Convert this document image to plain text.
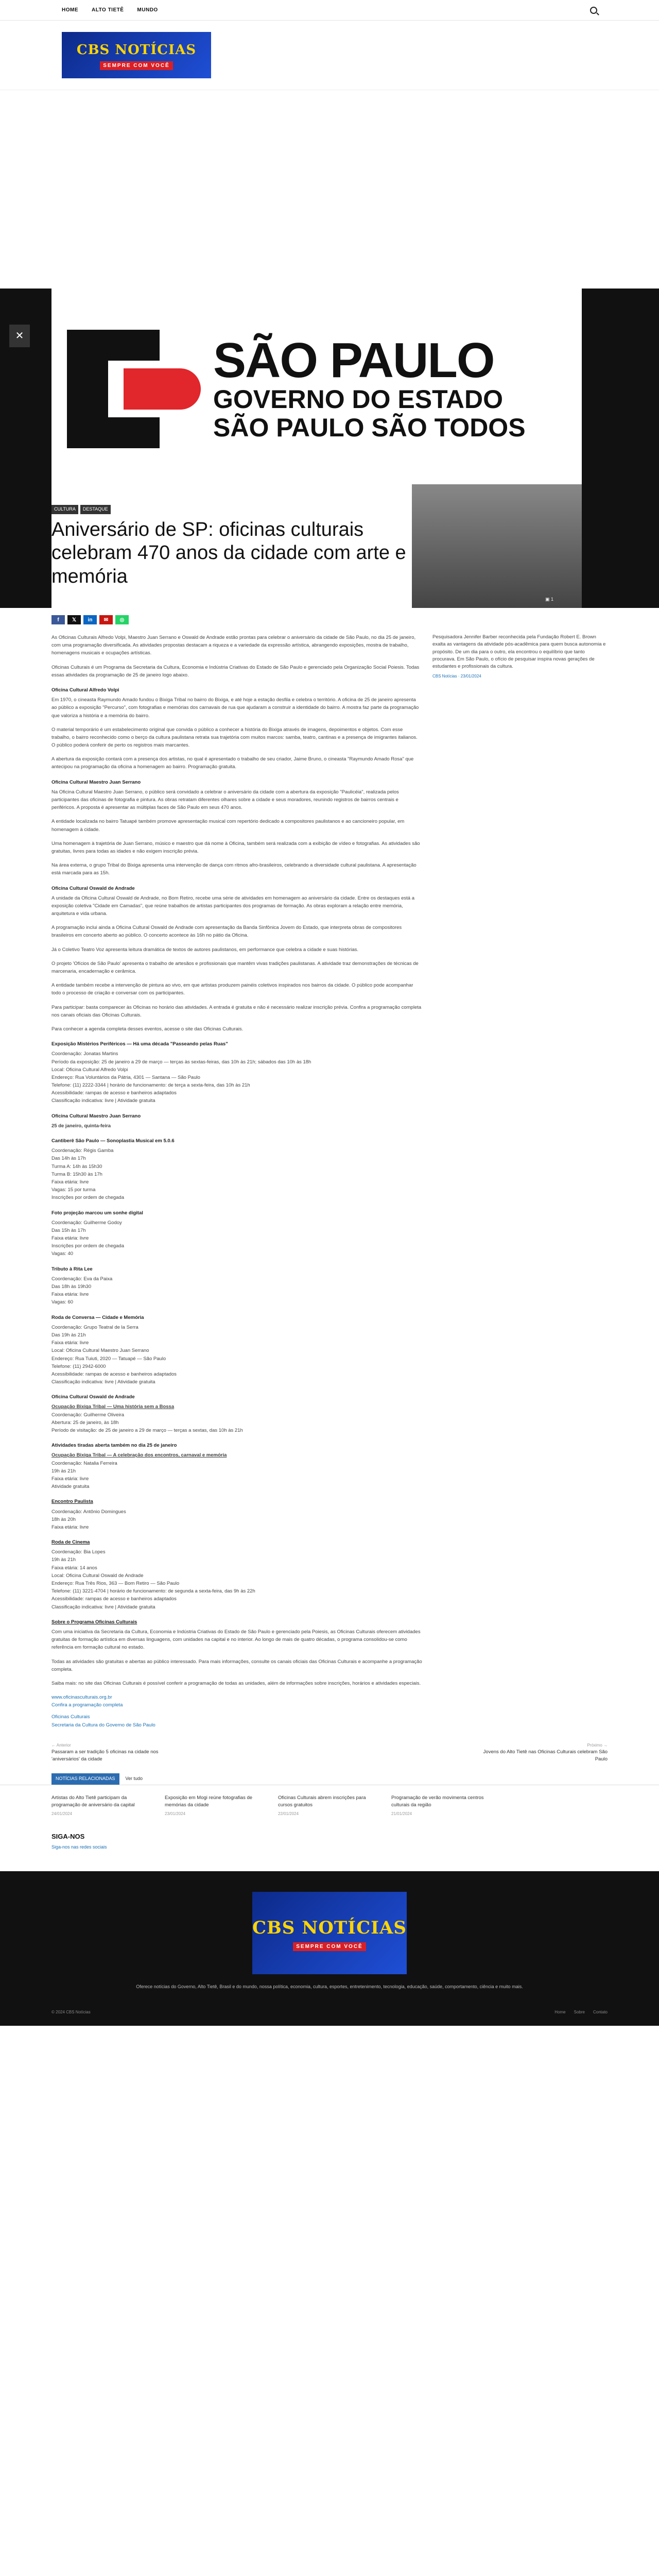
HOME	ALTO TIETÊ	MUNDO
CBS NOTÍCIAS
SEMPRE COM VOCÊ
✕	SÃO PAULO
GOVERNO DO ESTADO
SÃO PAULO SÃO TODOS
CULTURA	DESTAQUE
Aniversário de SP: oficinas culturais celebram 470 anos da cidade com arte e memória
▣ 1
f	𝕏	in	✉	◎

As Oficinas Culturais Alfredo Volpi, Maestro Juan Serrano e Oswald de Andrade estão prontas para celebrar o aniversário da cidade de São Paulo, no dia 25 de janeiro, com uma programação diversificada. As atividades propostas destacam a riqueza e a variedade da expressão artística, abrangendo exposições, mostra de trabalho, homenagens musicais e ocupações artísticas.

Oficinas Culturais é um Programa da Secretaria da Cultura, Economia e Indústria Criativas do Estado de São Paulo e gerenciado pela Organização Social Poiesis. Todas essas atividades da programação de 25 de janeiro logo abaixo.

Oficina Cultural Alfredo Volpi

Em 1970, o cineasta Raymundo Amado fundou o Bixiga Tribal no bairro do Bixiga, e até hoje a estação desfila e celebra o território. A oficina de 25 de janeiro apresenta ao público a exposição "Percurso", com fotografias e memórias dos carnavais de rua que ajudaram a construir a identidade do bairro. A mostra faz parte da programação que valoriza a história e a memória do bairro.

O material temporário é um estabelecimento original que convida o público a conhecer a história do Bixiga através de imagens, depoimentos e objetos. Com esse trabalho, o bairro reconhecido como o berço da cultura paulistana retrata sua trajetória com muitos marcos: samba, teatro, cantinas e a presença de imigrantes italianos. O público poderá conferir de perto os registros mais marcantes.

A abertura da exposição contará com a presença dos artistas, no qual é apresentado o trabalho de seu criador, Jaime Bruno, o cineasta "Raymundo Amado Rosa" que antecipou na programação da oficina a homenagem ao bairro. Programação gratuita.

Oficina Cultural Maestro Juan Serrano

Na Oficina Cultural Maestro Juan Serrano, o público será convidado a celebrar o aniversário da cidade com a abertura da exposição "Paulicéia", realizada pelos participantes das oficinas de fotografia e pintura. As obras retratam diferentes olhares sobre a cidade e seus moradores, reunindo registros de bairros centrais e periféricos. A proposta é apresentar as múltiplas faces de São Paulo em seus 470 anos.

A entidade localizada no bairro Tatuapé também promove apresentação musical com repertório dedicado a compositores paulistanos e ao cancioneiro popular, em homenagem à cidade.

Uma homenagem à trajetória de Juan Serrano, músico e maestro que dá nome à Oficina, também será realizada com a exibição de vídeo e fotografias. As atividades são gratuitas, livres para todas as idades e não exigem inscrição prévia.

Na área externa, o grupo Tribal do Bixiga apresenta uma intervenção de dança com ritmos afro-brasileiros, celebrando a diversidade cultural paulistana. A apresentação está marcada para as 15h.

Oficina Cultural Oswald de Andrade

A unidade da Oficina Cultural Oswald de Andrade, no Bom Retiro, recebe uma série de atividades em homenagem ao aniversário da cidade. Entre os destaques está a exposição coletiva "Cidade em Camadas", que reúne trabalhos de artistas participantes dos programas de formação. As obras exploram a relação entre memória, arquitetura e vida urbana.

A programação inclui ainda a Oficina Cultural Oswald de Andrade com apresentação da Banda Sinfônica Jovem do Estado, que interpreta obras de compositores brasileiros em concerto aberto ao público. O concerto acontece às 16h no pátio da Oficina.

Já o Coletivo Teatro Voz apresenta leitura dramática de textos de autores paulistanos, em performance que celebra a cidade e suas histórias.

O projeto 'Ofícios de São Paulo' apresenta o trabalho de artesãos e profissionais que mantêm vivas tradições paulistanas. A atividade traz demonstrações de técnicas de marcenaria, encadernação e cerâmica.

A entidade também recebe a intervenção de pintura ao vivo, em que artistas produzem painéis coletivos inspirados nos bairros da cidade. O público pode acompanhar todo o processo de criação e conversar com os participantes.

Para participar: basta comparecer às Oficinas no horário das atividades. A entrada é gratuita e não é necessário realizar inscrição prévia. Confira a programação completa nos canais oficiais das Oficinas Culturais.

Para conhecer a agenda completa desses eventos, acesse o site das Oficinas Culturais.

Exposição Mistérios Periféricos — Há uma década "Passeando pelas Ruas"
Coordenação: Jonatas Martins
Período da exposição: 25 de janeiro a 29 de março — terças às sextas-feiras, das 10h às 21h; sábados das 10h às 18h
Local: Oficina Cultural Alfredo Volpi
Endereço: Rua Voluntários da Pátria, 4301 — Santana — São Paulo
Telefone: (11) 2222-3344 | horário de funcionamento: de terça a sexta-feira, das 10h às 21h
Acessibilidade: rampas de acesso e banheiros adaptados
Classificação indicativa: livre | Atividade gratuita
Oficina Cultural Maestro Juan Serrano
25 de janeiro, quinta-feira
Cantiberê São Paulo — Sonoplastia Musical em 5.0.6
Coordenação: Régis Gamba
Das 14h às 17h
Turma A: 14h às 15h30
Turma B: 15h30 às 17h
Faixa etária: livre
Vagas: 15 por turma
Inscrições por ordem de chegada
Foto projeção marcou um sonhe digital
Coordenação: Guilherme Godoy
Das 15h às 17h
Faixa etária: livre
Inscrições por ordem de chegada
Vagas: 40
Tributo à Rita Lee
Coordenação: Eva da Paixa
Das 18h às 19h30
Faixa etária: livre
Vagas: 60
Roda de Conversa — Cidade e Memória
Coordenação: Grupo Teatral de la Serra
Das 19h às 21h
Faixa etária: livre
Local: Oficina Cultural Maestro Juan Serrano
Endereço: Rua Tuiuti, 2020 — Tatuapé — São Paulo
Telefone: (11) 2942-6000
Acessibilidade: rampas de acesso e banheiros adaptados
Classificação indicativa: livre | Atividade gratuita
Oficina Cultural Oswald de Andrade
Ocupação Bixiga Tribal — Uma história sem a Bossa
Coordenação: Guilherme Oliveira
Abertura: 25 de janeiro, às 18h
Período de visitação: de 25 de janeiro a 29 de março — terças a sextas, das 10h às 21h
Atividades tiradas aberta também no dia 25 de janeiro
Ocupação Bixiga Tribal — A celebração dos encontros, carnaval e memória
Coordenação: Natalia Ferreira
19h às 21h
Faixa etária: livre
Atividade gratuita
Encontro Paulista
Coordenação: Antônio Domingues
18h às 20h
Faixa etária: livre
Roda de Cinema
Coordenação: Bia Lopes
19h às 21h
Faixa etária: 14 anos
Local: Oficina Cultural Oswald de Andrade
Endereço: Rua Três Rios, 363 — Bom Retiro — São Paulo
Telefone: (11) 3221-4704 | horário de funcionamento: de segunda a sexta-feira, das 9h às 22h
Acessibilidade: rampas de acesso e banheiros adaptados
Classificação indicativa: livre | Atividade gratuita
Sobre o Programa Oficinas Culturais

Com uma iniciativa da Secretaria da Cultura, Economia e Indústria Criativas do Estado de São Paulo e gerenciado pela Poiesis, as Oficinas Culturais oferecem atividades gratuitas de formação artística em diversas linguagens, com unidades na capital e no interior. Ao longo de mais de quatro décadas, o programa consolidou-se como referência em formação cultural no estado.

Todas as atividades são gratuitas e abertas ao público interessado. Para mais informações, consulte os canais oficiais das Oficinas Culturais e acompanhe a programação completa.

Saiba mais: no site das Oficinas Culturais é possível conferir a programação de todas as unidades, além de informações sobre inscrições, horários e atividades especiais.

www.oficinasculturais.org.br
Confira a programação completa
Oficinas Culturais
Secretaria da Cultura do Governo de São Paulo
Pesquisadora Jennifer Barber reconhecida pela Fundação Robert E. Brown exalta as vantagens da atividade pós-acadêmica para quem busca autonomia e propósito. De um dia para o outro, ela encontrou o equilíbrio que tanto procurava. Em São Paulo, o ofício de pesquisar inspira novas gerações de estudantes e profissionais da cultura.
CBS Notícias · 23/01/2024
← Anterior
Passaram a ser tradição 5 oficinas na cidade nos 'aniversários' da cidade
Próximo →
Jovens do Alto Tietê nas Oficinas Culturais celebram São Paulo
NOTÍCIAS RELACIONADAS	Ver tudo
Artistas do Alto Tietê participam da programação de aniversário da capital
24/01/2024
Exposição em Mogi reúne fotografias de memórias da cidade
23/01/2024
Oficinas Culturais abrem inscrições para cursos gratuitos
22/01/2024
Programação de verão movimenta centros culturais da região
21/01/2024
SIGA-NOS
Siga-nos nas redes sociais
CBS NOTÍCIAS
SEMPRE COM VOCÊ
Oferece notícias do Governo, Alto Tietê, Brasil e do mundo, nossa política, economia, cultura, esportes, entretenimento, tecnologia, educação, saúde, comportamento, ciência e muito mais.
© 2024 CBS Notícias	Home Sobre Contato
